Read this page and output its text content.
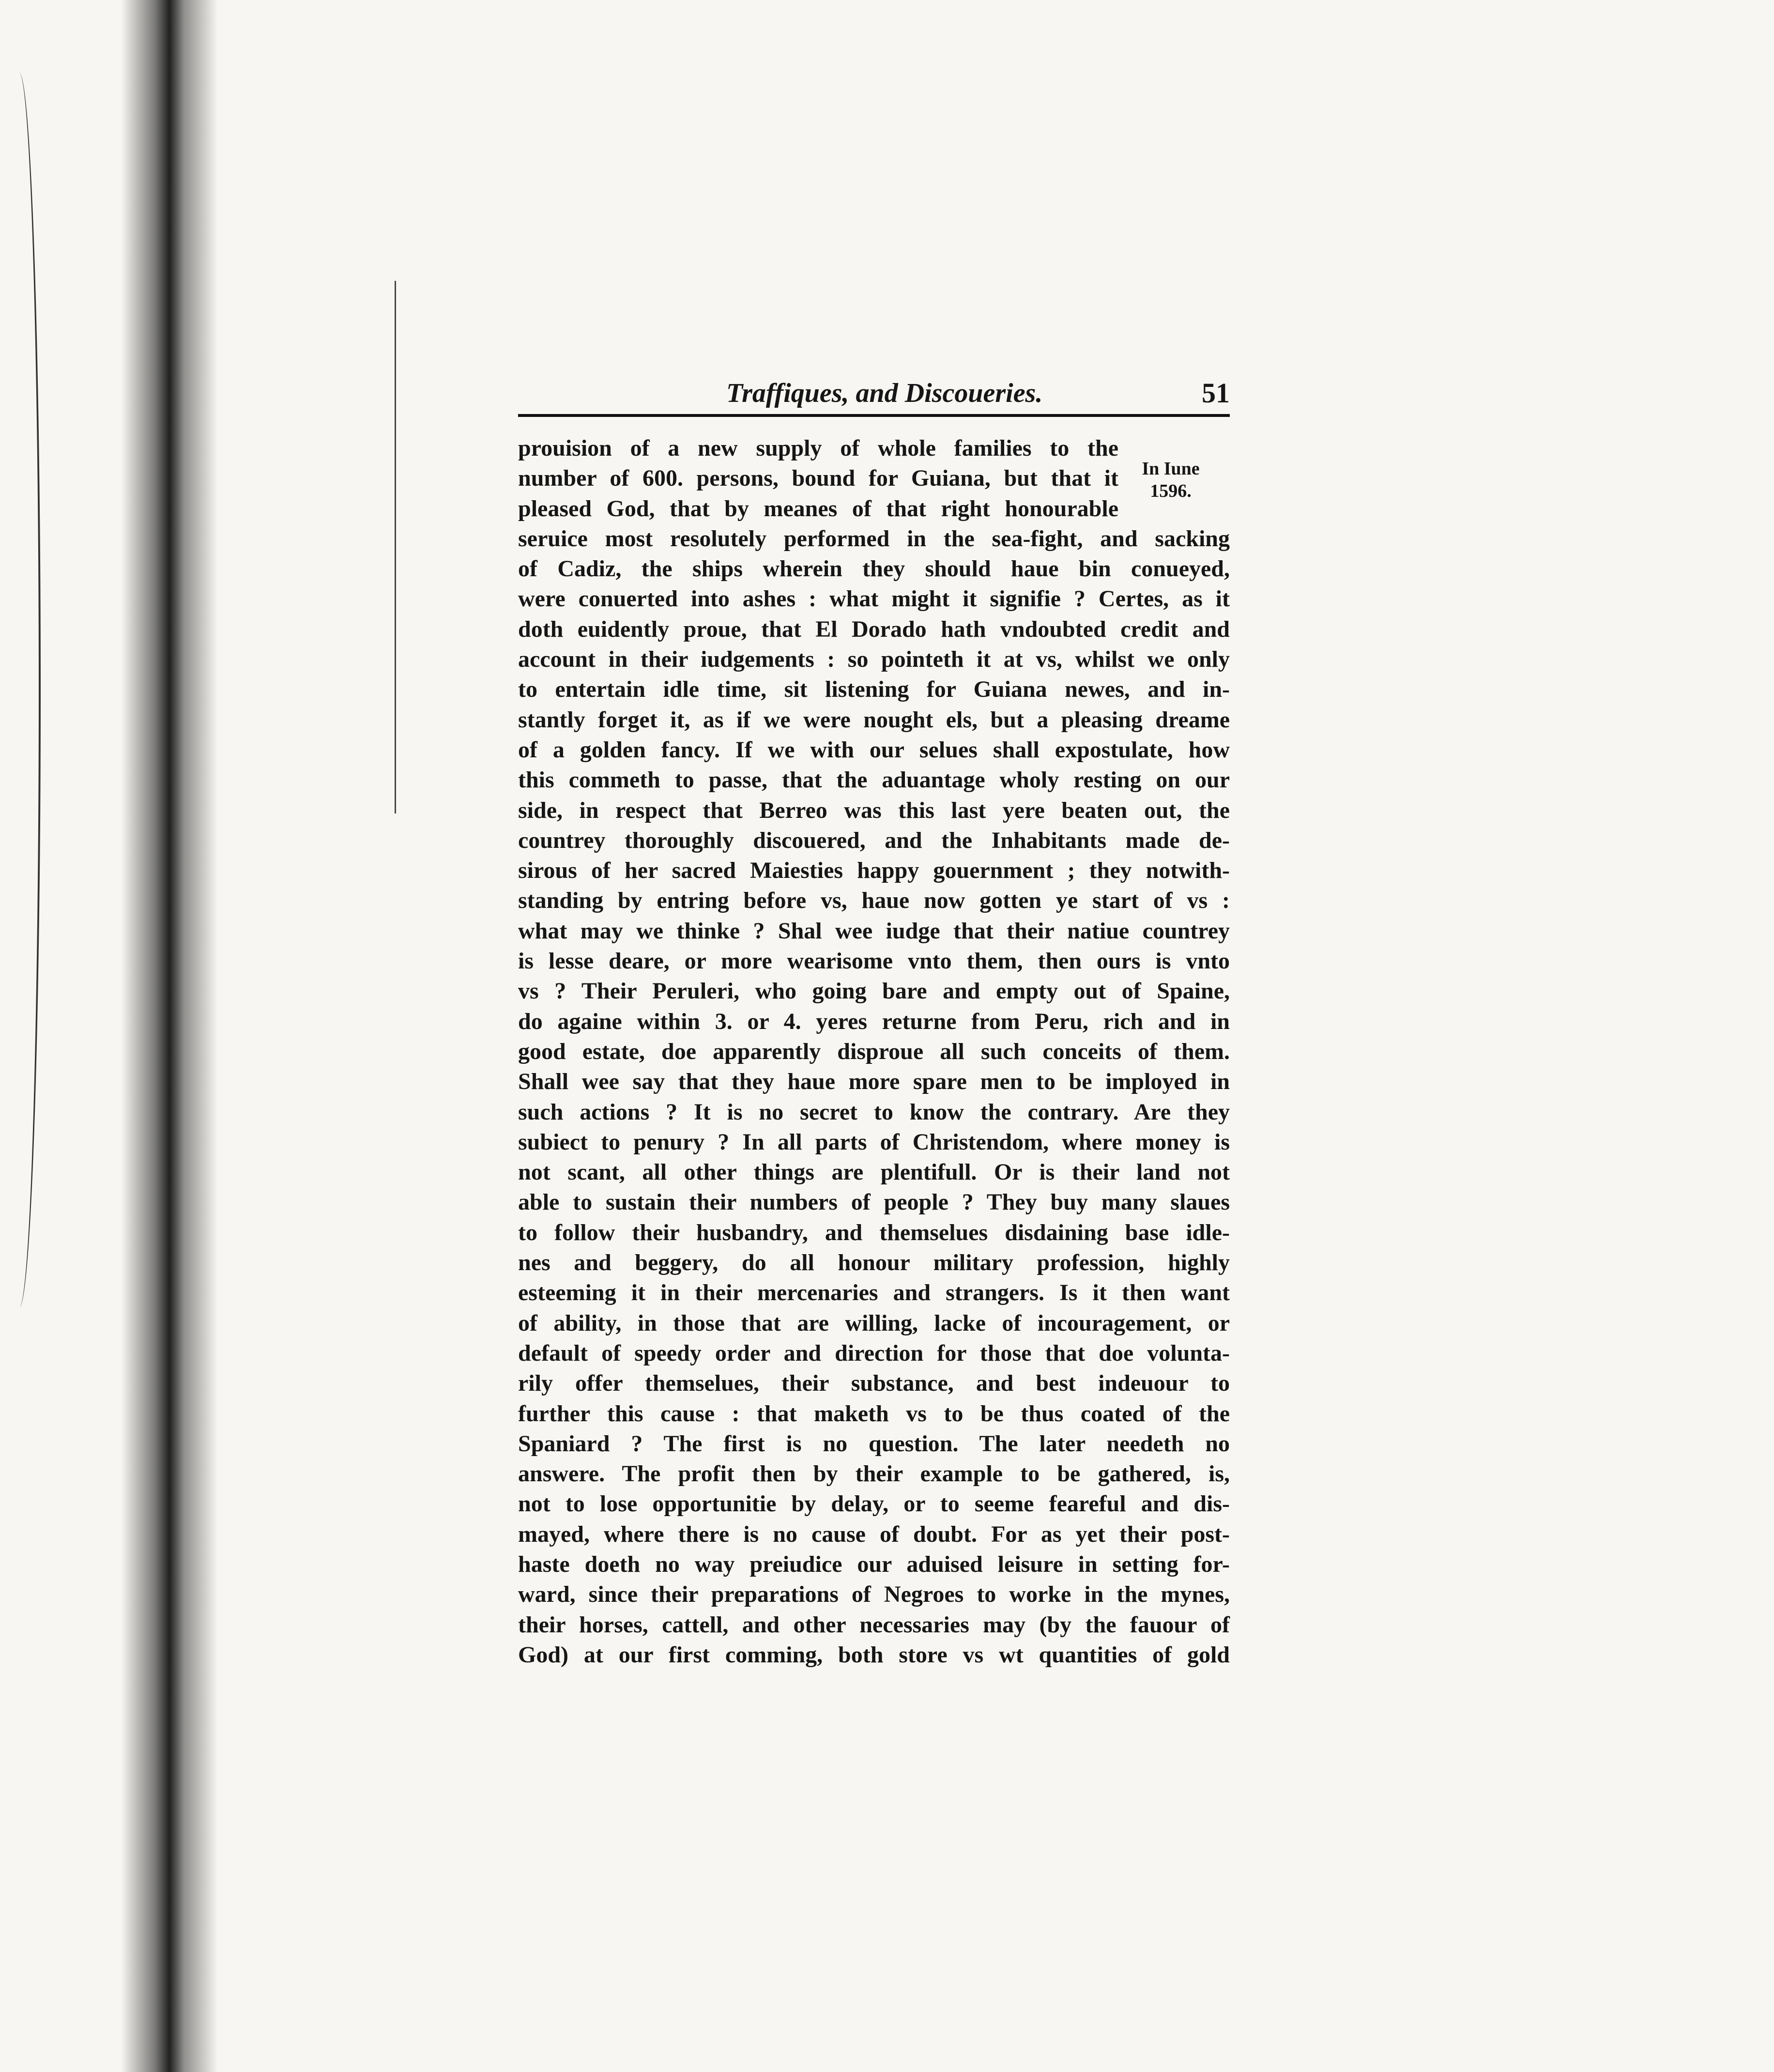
Traffiques, and Discoueries.	51
In Iune
1596.
prouision of a new supply of whole families to the
number of 600. persons, bound for Guiana, but that it
pleased God, that by meanes of that right honourable
seruice most resolutely performed in the sea-fight, and sacking
of Cadiz, the ships wherein they should haue bin conueyed,
were conuerted into ashes : what might it signifie ? Certes, as it
doth euidently proue, that El Dorado hath vndoubted credit and
account in their iudgements : so pointeth it at vs, whilst we only
to entertain idle time, sit listening for Guiana newes, and in-
stantly forget it, as if we were nought els, but a pleasing dreame
of a golden fancy. If we with our selues shall expostulate, how
this commeth to passe, that the aduantage wholy resting on our
side, in respect that Berreo was this last yere beaten out, the
countrey thoroughly discouered, and the Inhabitants made de-
sirous of her sacred Maiesties happy gouernment ; they notwith-
standing by entring before vs, haue now gotten ye start of vs :
what may we thinke ? Shal wee iudge that their natiue countrey
is lesse deare, or more wearisome vnto them, then ours is vnto
vs ? Their Peruleri, who going bare and empty out of Spaine,
do againe within 3. or 4. yeres returne from Peru, rich and in
good estate, doe apparently disproue all such conceits of them.
Shall wee say that they haue more spare men to be imployed in
such actions ? It is no secret to know the contrary. Are they
subiect to penury ? In all parts of Christendom, where money is
not scant, all other things are plentifull. Or is their land not
able to sustain their numbers of people ? They buy many slaues
to follow their husbandry, and themselues disdaining base idle-
nes and beggery, do all honour military profession, highly
esteeming it in their mercenaries and strangers. Is it then want
of ability, in those that are willing, lacke of incouragement, or
default of speedy order and direction for those that doe volunta-
rily offer themselues, their substance, and best indeuour to
further this cause : that maketh vs to be thus coated of the
Spaniard ? The first is no question. The later needeth no
answere. The profit then by their example to be gathered, is,
not to lose opportunitie by delay, or to seeme feareful and dis-
mayed, where there is no cause of doubt. For as yet their post-
haste doeth no way preiudice our aduised leisure in setting for-
ward, since their preparations of Negroes to worke in the mynes,
their horses, cattell, and other necessaries may (by the fauour of
God) at our first comming, both store vs wt quantities of gold
